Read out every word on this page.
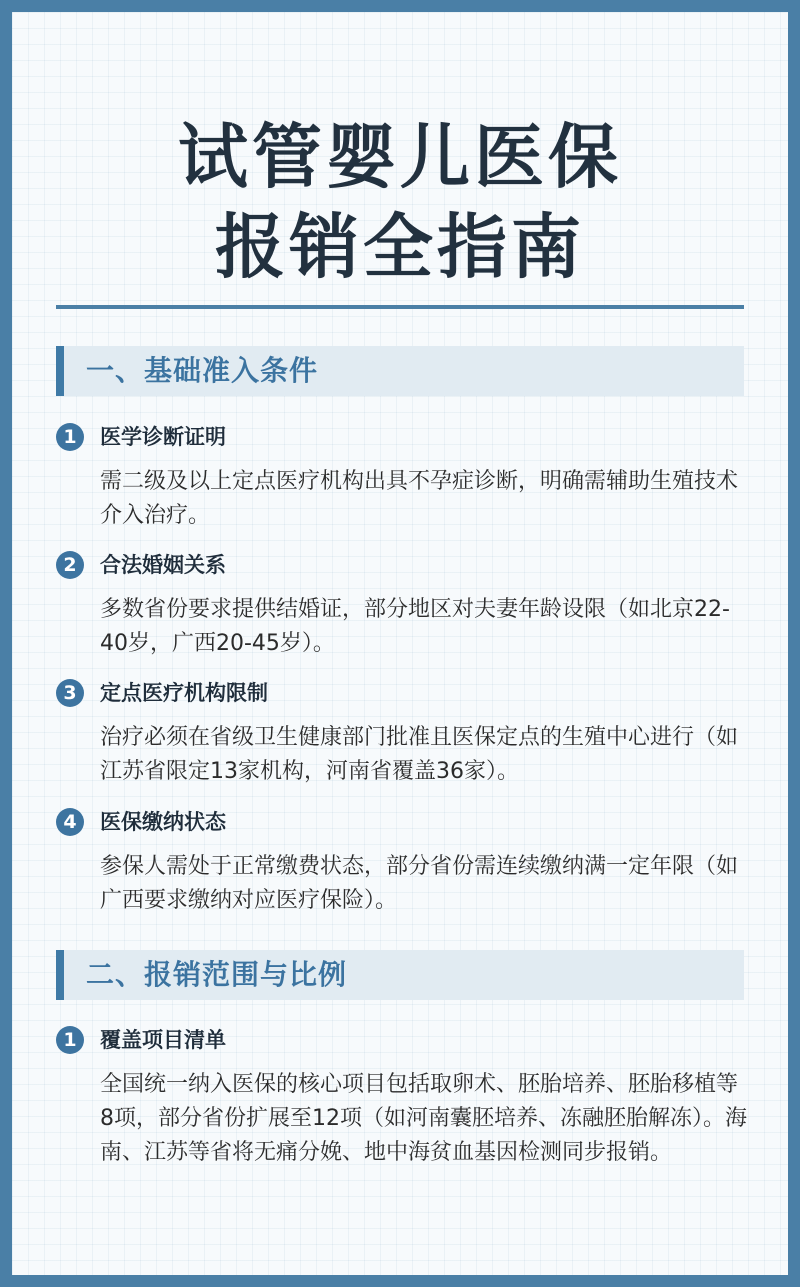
试管婴儿医保
报销全指南
一、基础准入条件
1	医学诊断证明
需二级及以上定点医疗机构出具不孕症诊断，明确需辅助生殖技术介入治疗。
2	合法婚姻关系
多数省份要求提供结婚证，部分地区对夫妻年龄设限（如北京22-40岁，广西20-45岁）。
3	定点医疗机构限制
治疗必须在省级卫生健康部门批准且医保定点的生殖中心进行（如江苏省限定13家机构，河南省覆盖36家）。
4	医保缴纳状态
参保人需处于正常缴费状态，部分省份需连续缴纳满一定年限（如广西要求缴纳对应医疗保险）。
二、报销范围与比例
1	覆盖项目清单
全国统一纳入医保的核心项目包括取卵术、胚胎培养、胚胎移植等8项，部分省份扩展至12项（如河南囊胚培养、冻融胚胎解冻）。海南、江苏等省将无痛分娩、地中海贫血基因检测同步报销。
